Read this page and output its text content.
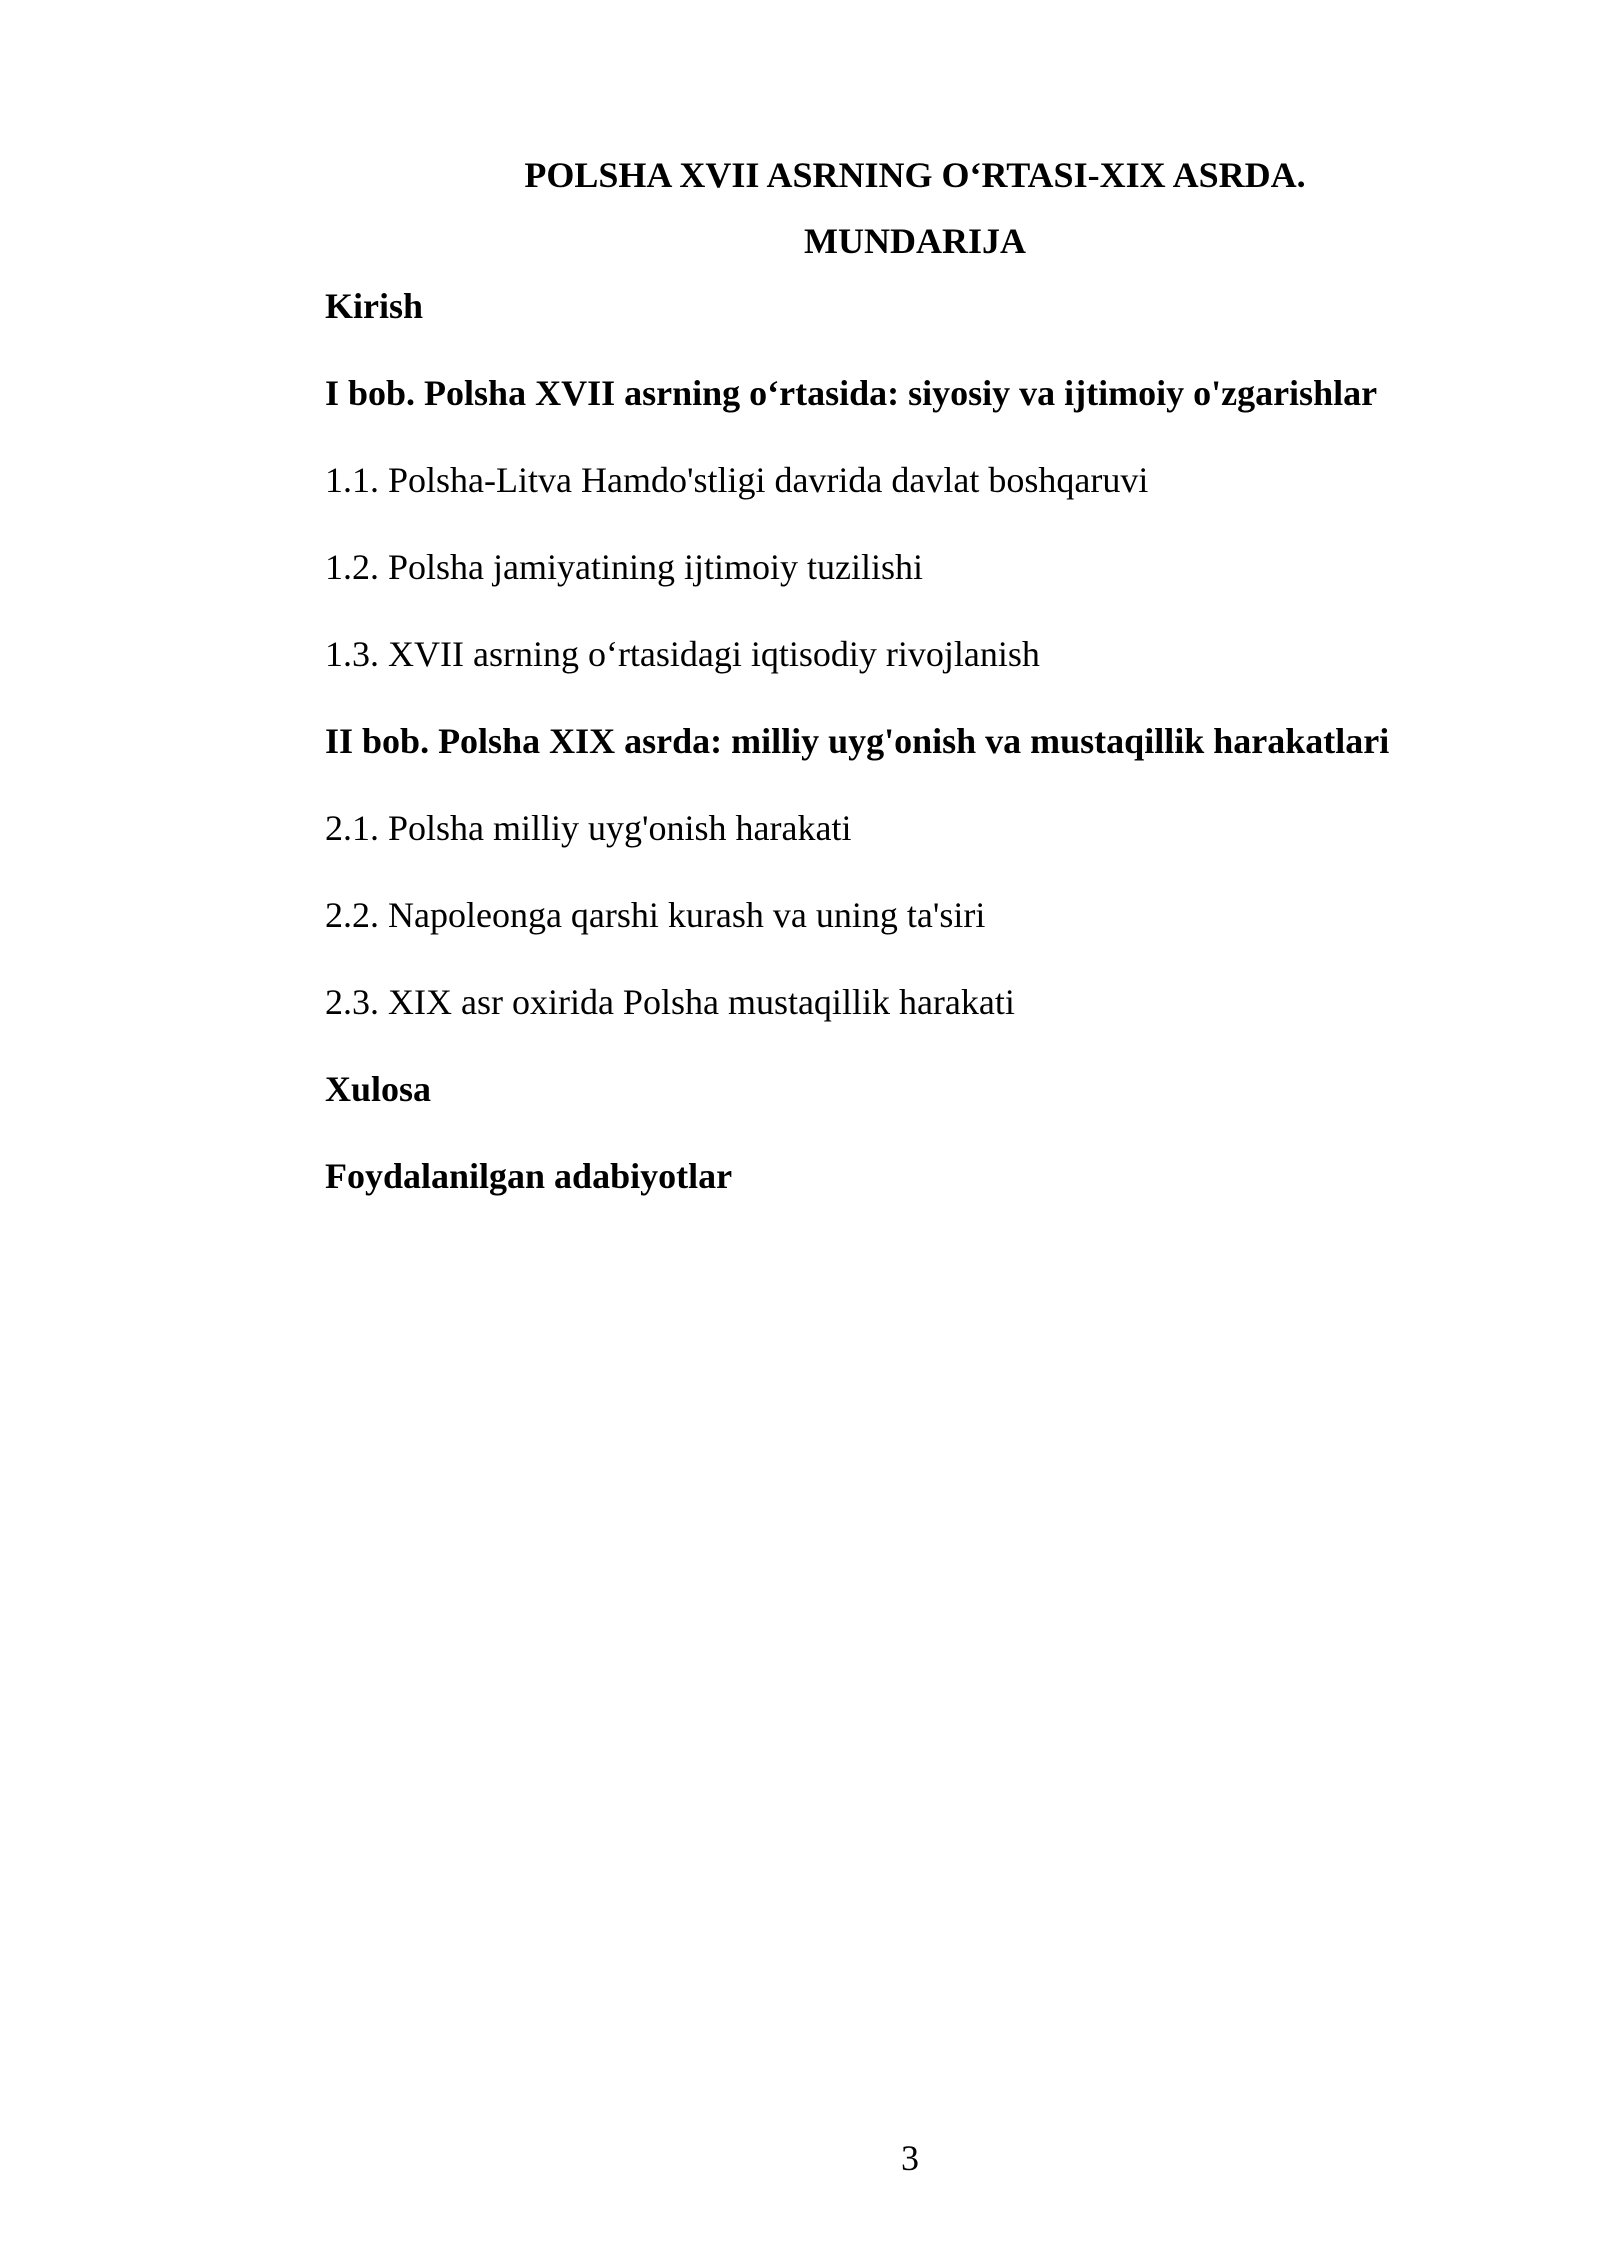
POLSHA XVII ASRNING O‘RTASI-XIX ASRDA.
MUNDARIJA
Kirish
I bob. Polsha XVII asrning o‘rtasida: siyosiy va ijtimoiy o'zgarishlar
1.1. Polsha-Litva Hamdo'stligi davrida davlat boshqaruvi
1.2. Polsha jamiyatining ijtimoiy tuzilishi
1.3. XVII asrning o‘rtasidagi iqtisodiy rivojlanish
II bob. Polsha XIX asrda: milliy uyg'onish va mustaqillik harakatlari
2.1. Polsha milliy uyg'onish harakati
2.2. Napoleonga qarshi kurash va uning ta'siri
2.3. XIX asr oxirida Polsha mustaqillik harakati
Xulosa
Foydalanilgan adabiyotlar
3
